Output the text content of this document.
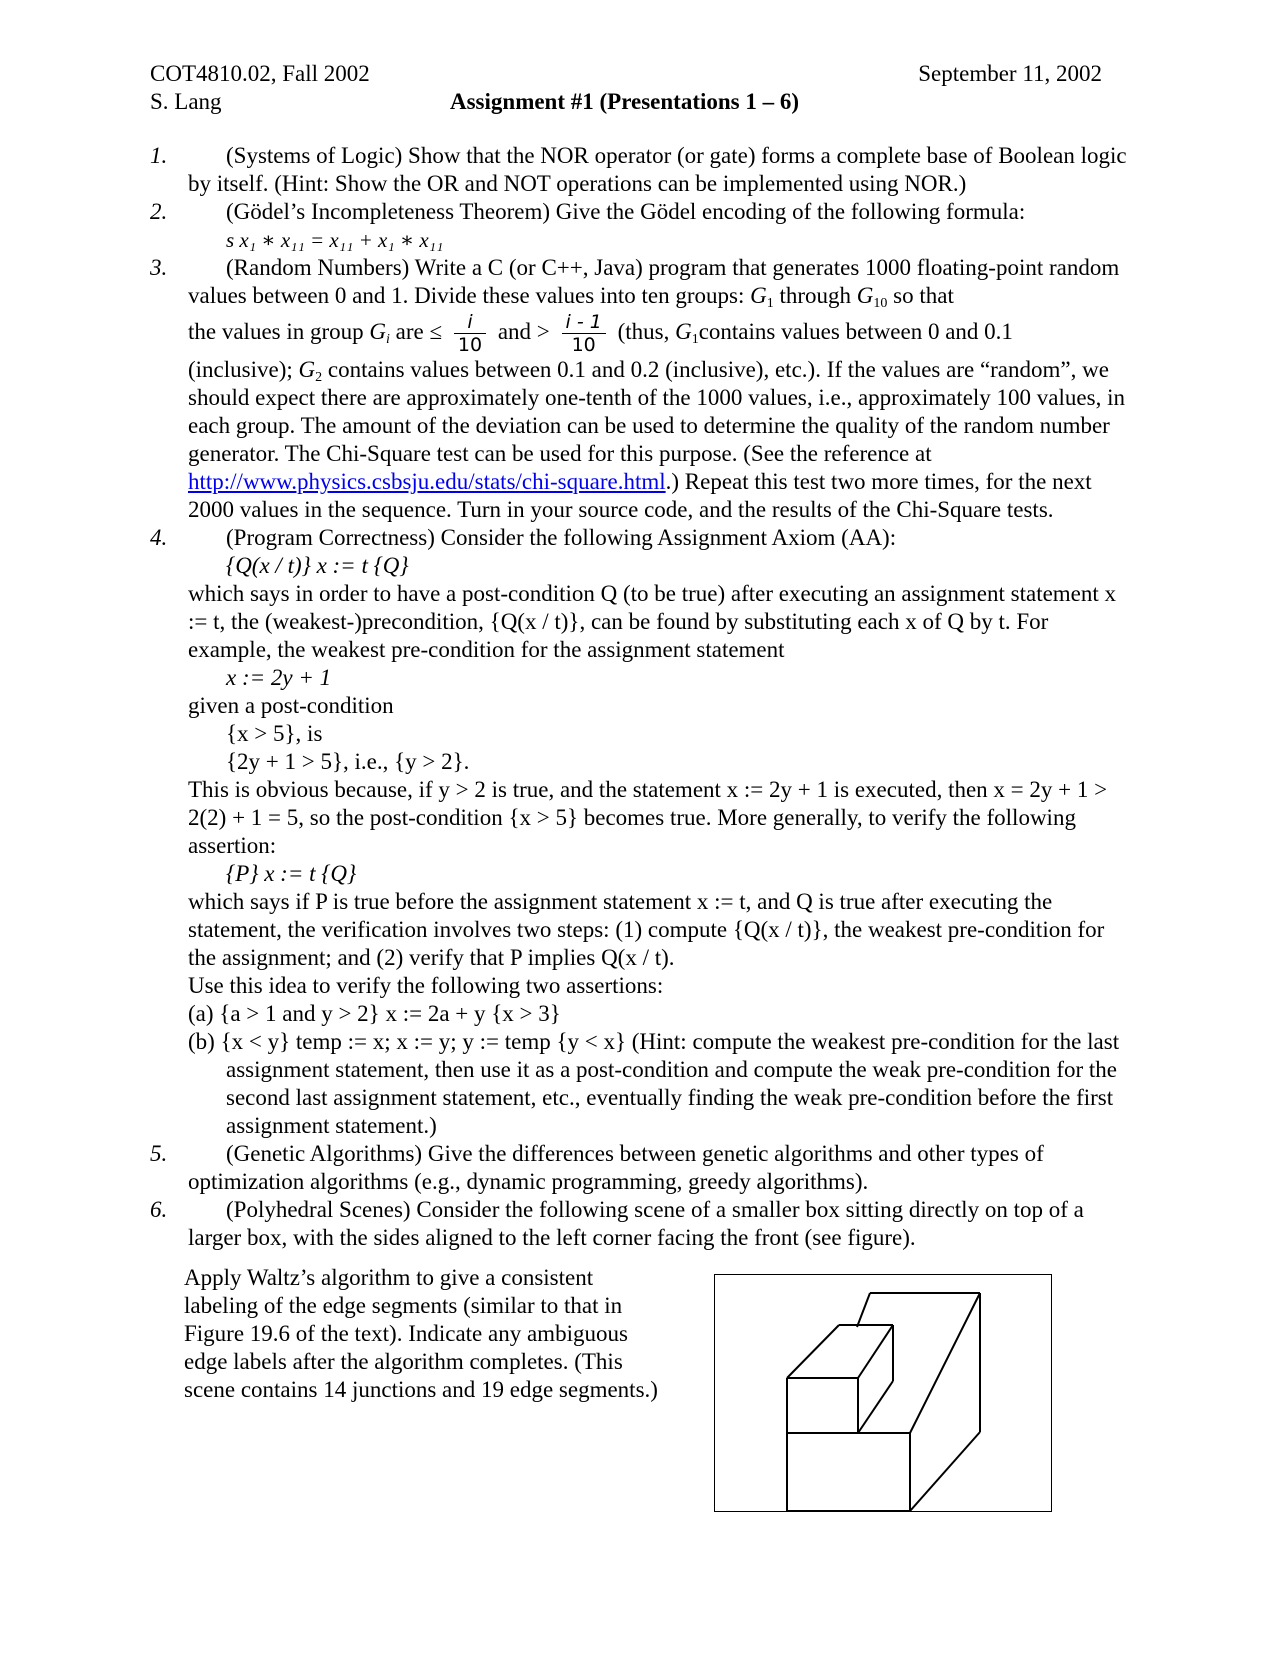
COT4810.02, Fall 2002	September 11, 2002
S. Lang	Assignment #1 (Presentations 1 – 6)
1.	(Systems of Logic) Show that the NOR operator (or gate) forms a complete base of Boolean logic by itself. (Hint: Show the OR and NOT operations can be implemented using NOR.)
2.	(Gödel’s Incompleteness Theorem) Give the Gödel encoding of the following formula:
s x₁ ∗ x₁₁ = x₁₁ + x₁ ∗ x₁₁
3.	(Random Numbers) Write a C (or C++, Java) program that generates 1000 floating-point random values between 0 and 1. Divide these values into ten groups: $G_1$ through $G_{10}$ so that
the values in group $G_i$ are ≤ $\frac{i}{10}$ and > $\frac{i - 1}{10}$ (thus, $G_1contains$ values between 0 and 0.1
(inclusive); $G_2$ contains values between 0.1 and 0.2 (inclusive), etc.). If the values are “random”, we should expect there are approximately one-tenth of the 1000 values, i.e., approximately 100 values, in each group. The amount of the deviation can be used to determine the quality of the random number generator. The Chi-Square test can be used for this purpose. (See the reference at http://www.physics.csbsju.edu/stats/chi-square.html.) Repeat this test two more times, for the next 2000 values in the sequence. Turn in your source code, and the results of the Chi-Square tests.
4.	(Program Correctness) Consider the following Assignment Axiom (AA):
{Q(x / t)} x := t {Q}
which says in order to have a post-condition Q (to be true) after executing an assignment statement x := t, the (weakest-)precondition, {Q(x / t)}, can be found by substituting each x of Q by t. For example, the weakest pre-condition for the assignment statement
x := 2y + 1
given a post-condition
{x > 5}, is
{2y + 1 > 5}, i.e., {y > 2}.
This is obvious because, if y > 2 is true, and the statement x := 2y + 1 is executed, then x = 2y + 1 > 2(2) + 1 = 5, so the post-condition {x > 5} becomes true. More generally, to verify the following assertion:
{P} x := t {Q}
which says if P is true before the assignment statement x := t, and Q is true after executing the statement, the verification involves two steps: (1) compute {Q(x / t)}, the weakest pre-condition for the assignment; and (2) verify that P implies Q(x / t).
Use this idea to verify the following two assertions:
(a) {a > 1 and y > 2} x := 2a + y {x > 3}
(b) {x < y} temp := x; x := y; y := temp {y < x} (Hint: compute the weakest pre-condition for the last assignment statement, then use it as a post-condition and compute the weak pre-condition for the second last assignment statement, etc., eventually finding the weak pre-condition before the first assignment statement.)
5.	(Genetic Algorithms) Give the differences between genetic algorithms and other types of optimization algorithms (e.g., dynamic programming, greedy algorithms).
6.	(Polyhedral Scenes) Consider the following scene of a smaller box sitting directly on top of a larger box, with the sides aligned to the left corner facing the front (see figure).
Apply Waltz’s algorithm to give a consistent labeling of the edge segments (similar to that in Figure 19.6 of the text). Indicate any ambiguous edge labels after the algorithm completes. (This scene contains 14 junctions and 19 edge segments.)
